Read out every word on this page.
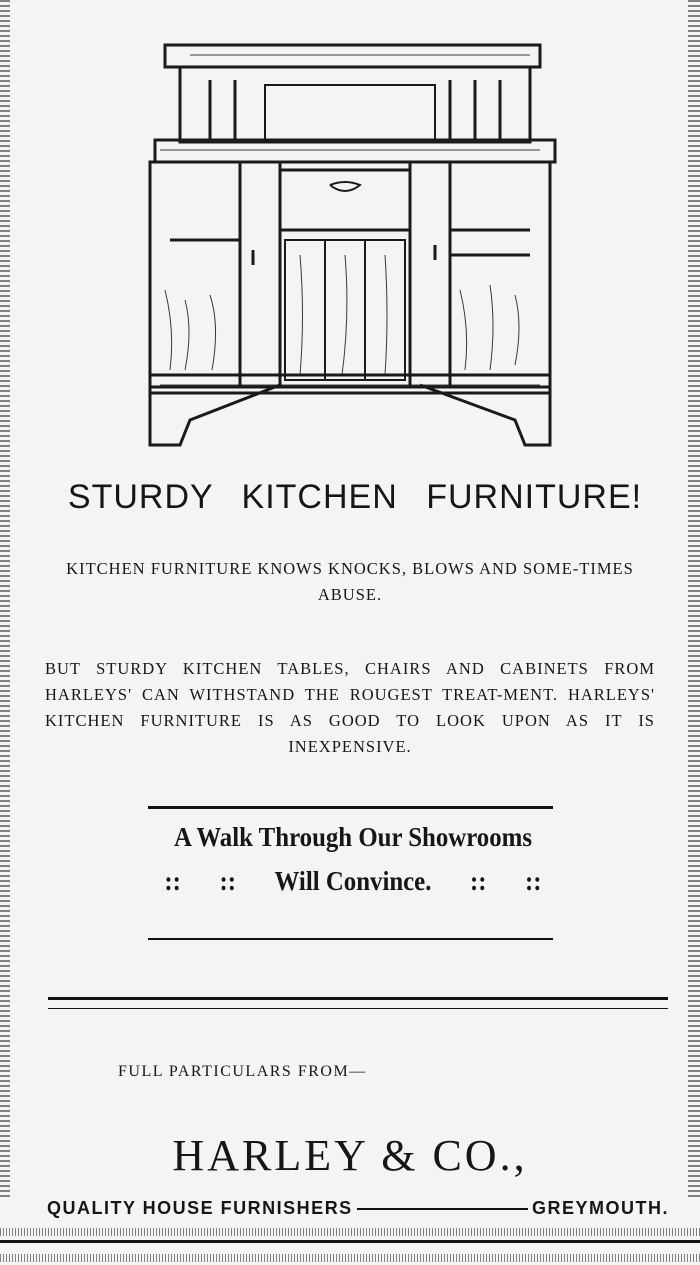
STURDY KITCHEN FURNITURE!
KITCHEN FURNITURE KNOWS KNOCKS, BLOWS AND SOME-TIMES ABUSE.
BUT STURDY KITCHEN TABLES, CHAIRS AND CABINETS FROM HARLEYS' CAN WITHSTAND THE ROUGEST TREAT-MENT. HARLEYS' KITCHEN FURNITURE IS AS GOOD TO LOOK UPON AS IT IS INEXPENSIVE.
A Walk Through Our Showrooms
:: :: Will Convince. :: ::
FULL PARTICULARS FROM—
HARLEY & CO.,
QUALITY HOUSE FURNISHERS	GREYMOUTH.
